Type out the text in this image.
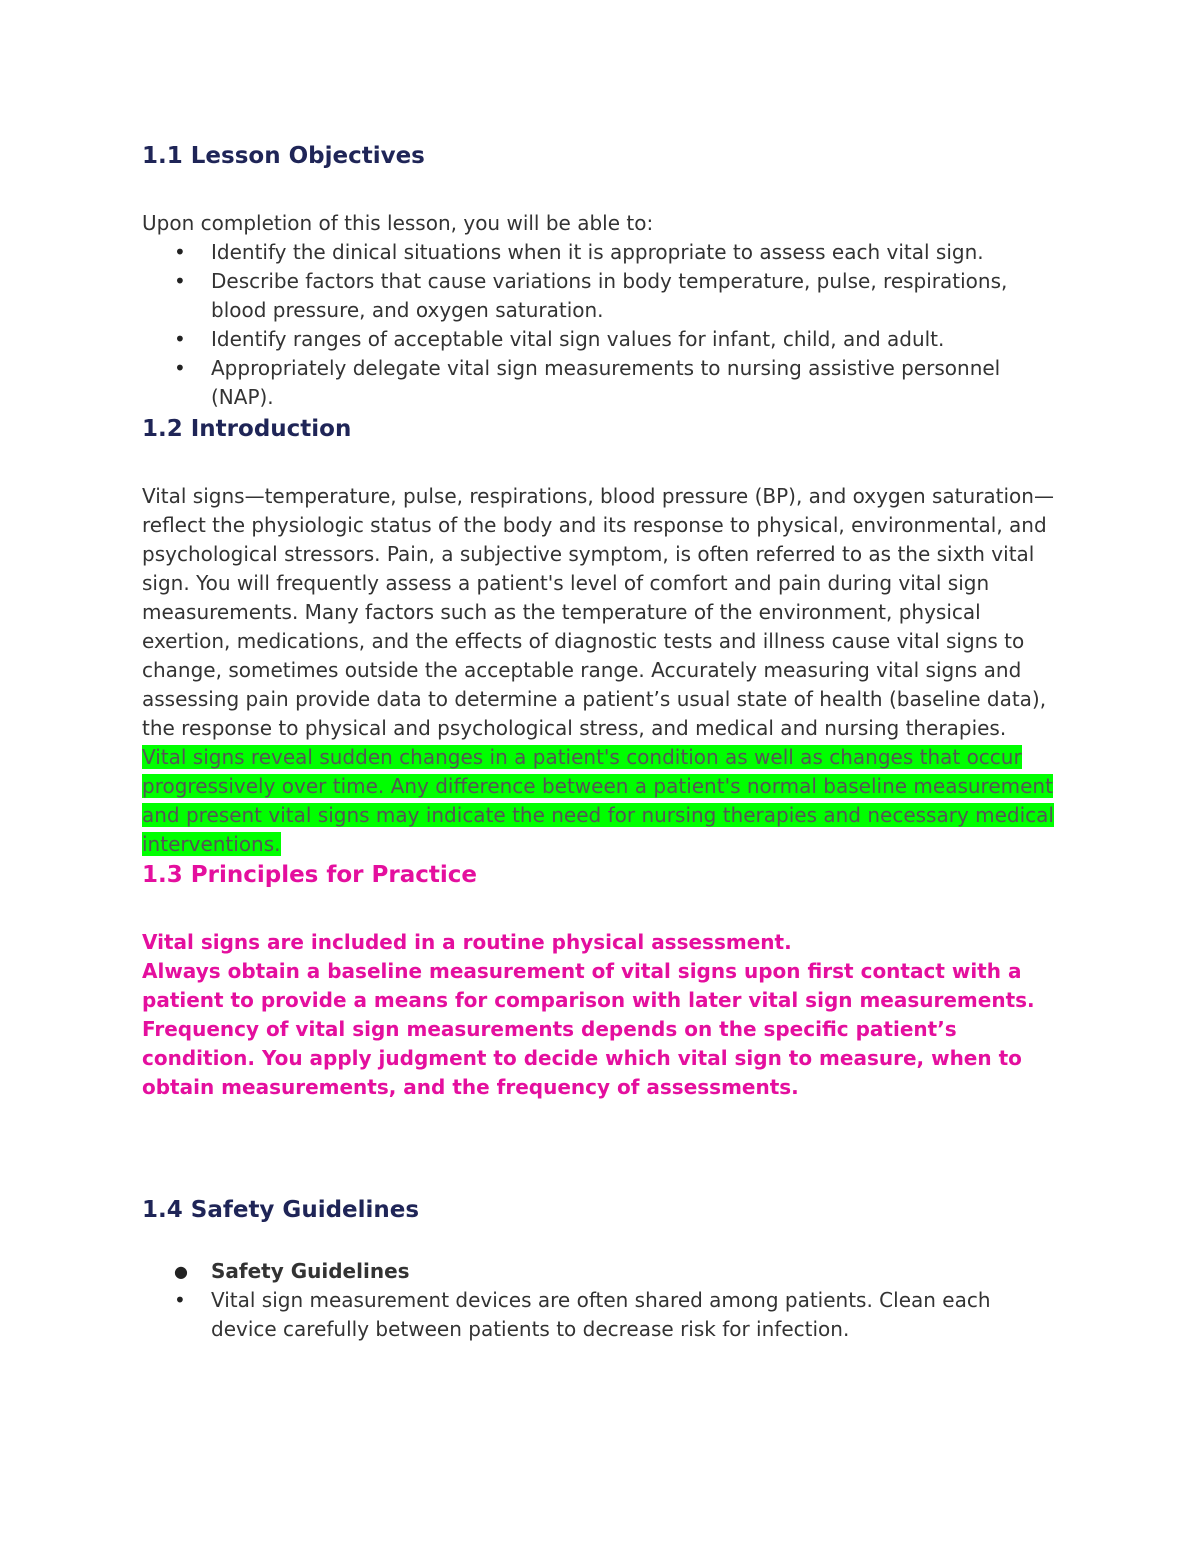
1.1 Lesson Objectives

Upon completion of this lesson, you will be able to:

• Identify the dinical situations when it is appropriate to assess each vital sign.
• Describe factors that cause variations in body temperature, pulse, respirations, blood pressure, and oxygen saturation.
• Identify ranges of acceptable vital sign values for infant, child, and adult.
• Appropriately delegate vital sign measurements to nursing assistive personnel (NAP).
1.2 Introduction

Vital signs—temperature, pulse, respirations, blood pressure (BP), and oxygen saturation—reflect the physiologic status of the body and its response to physical, environmental, and psychological stressors. Pain, a subjective symptom, is often referred to as the sixth vital sign. You will frequently assess a patient's level of comfort and pain during vital sign measurements. Many factors such as the temperature of the environment, physical exertion, medications, and the effects of diagnostic tests and illness cause vital signs to change, sometimes outside the acceptable range. Accurately measuring vital signs and assessing pain provide data to determine a patient’s usual state of health (baseline data), the response to physical and psychological stress, and medical and nursing therapies.

Vital signs reveal sudden changes in a patient's condition as well as changes that occur progressively over time. Any difference between a patient's normal baseline measurement and present vital signs may indicate the need for nursing therapies and necessary medical interventions.

1.3 Principles for Practice

Vital signs are included in a routine physical assessment.

Always obtain a baseline measurement of vital signs upon first contact with a patient to provide a means for comparison with later vital sign measurements.

Frequency of vital sign measurements depends on the specific patient’s condition. You apply judgment to decide which vital sign to measure, when to obtain measurements, and the frequency of assessments.

1.4 Safety Guidelines
● Safety Guidelines
• Vital sign measurement devices are often shared among patients. Clean each device carefully between patients to decrease risk for infection.
